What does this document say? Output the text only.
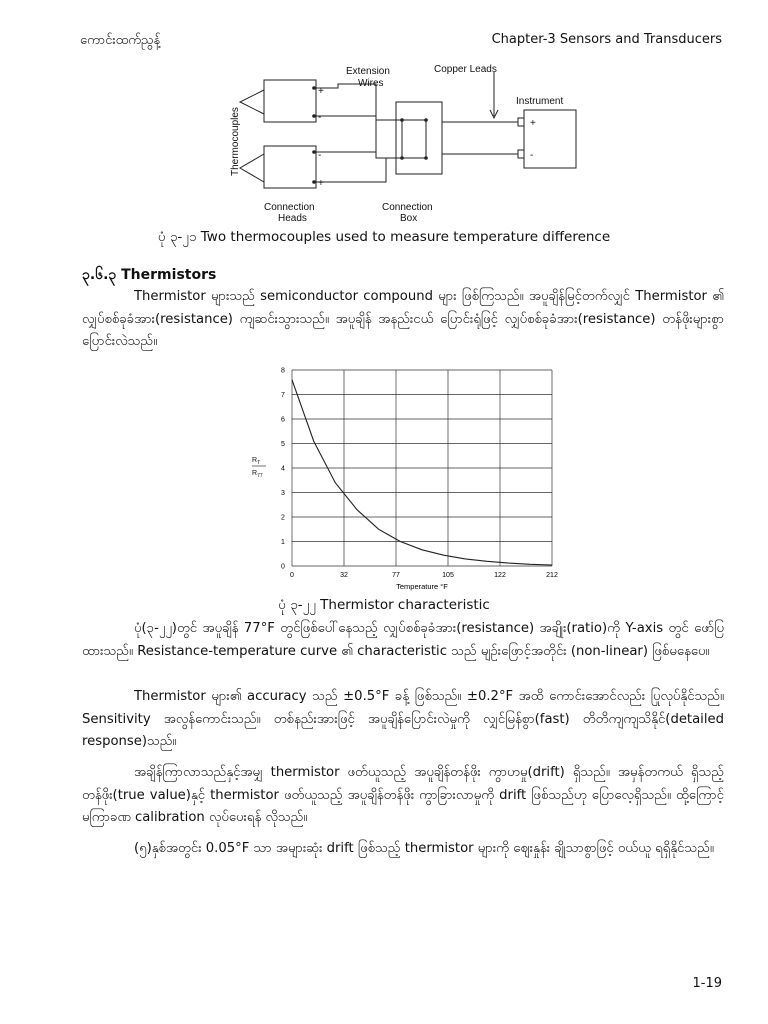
ကောင်းထက်ညွန့်	Chapter-3 Sensors and Transducers
Extension
Wires
Copper Leads
Instrument
Connection
Heads
Connection
Box
Thermocouples
+
-
-
+
+
-
ပုံ ၃-၂၁ Two thermocouples used to measure temperature difference
၃.၆.၃ Thermistors

Thermistor များသည် semiconductor compound များ ဖြစ်ကြသည်။ အပူချိန်မြင့်တက်လျှင် Thermistor ၏ လျှပ်စစ်ခုခံအား(resistance) ကျဆင်းသွားသည်။ အပူချိန် အနည်းငယ် ပြောင်းရုံဖြင့် လျှပ်စစ်ခုခံအား(resistance) တန်ဖိုးများစွာ ပြောင်းလဲသည်။

0	32	77	105	122	212
0
1
2
3
4
5
6
7
8
Temperature °F
$R_T$
$R_{77}$
ပုံ ၃-၂၂ Thermistor characteristic

ပုံ(၃-၂၂)တွင် အပူချိန် 77°F တွင်ဖြစ်ပေါ်နေသည့် လျှပ်စစ်ခုခံအား(resistance) အချိုး(ratio)ကို Y-axis တွင် ဖော်ပြထားသည်။ Resistance-temperature curve ၏ characteristic သည် မျဉ်းဖြောင့်အတိုင်း (non-linear) ဖြစ်မနေပေ။

Thermistor များ၏ accuracy သည် ±0.5°F ခန့် ဖြစ်သည်။ ±0.2°F အထိ ကောင်းအောင်လည်း ပြုလုပ်နိုင်သည်။ Sensitivity အလွန်ကောင်းသည်။ တစ်နည်းအားဖြင့် အပူချိန်ပြောင်းလဲမှုကို လျှင်မြန်စွာ(fast) တိတိကျကျသိနိုင်(detailed response)သည်။

အချိန်ကြာလာသည်နှင့်အမျှ thermistor ဖတ်ယူသည့် အပူချိန်တန်ဖိုး ကွာဟမှု(drift) ရှိသည်။ အမှန်တကယ် ရှိသည့် တန်ဖိုး(true value)နှင့် thermistor ဖတ်ယူသည့် အပူချိန်တန်ဖိုး ကွာခြားလာမှုကို drift ဖြစ်သည်ဟု ပြောလေ့ရှိသည်။ ထို့ကြောင့် မကြာခဏ calibration လုပ်ပေးရန် လိုသည်။

(၅)နှစ်အတွင်း 0.05°F သာ အများဆုံး drift ဖြစ်သည့် thermistor များကို ဈေးနှုန်း ချိုသာစွာဖြင့် ဝယ်ယူ ရရှိနိုင်သည်။

1-19
